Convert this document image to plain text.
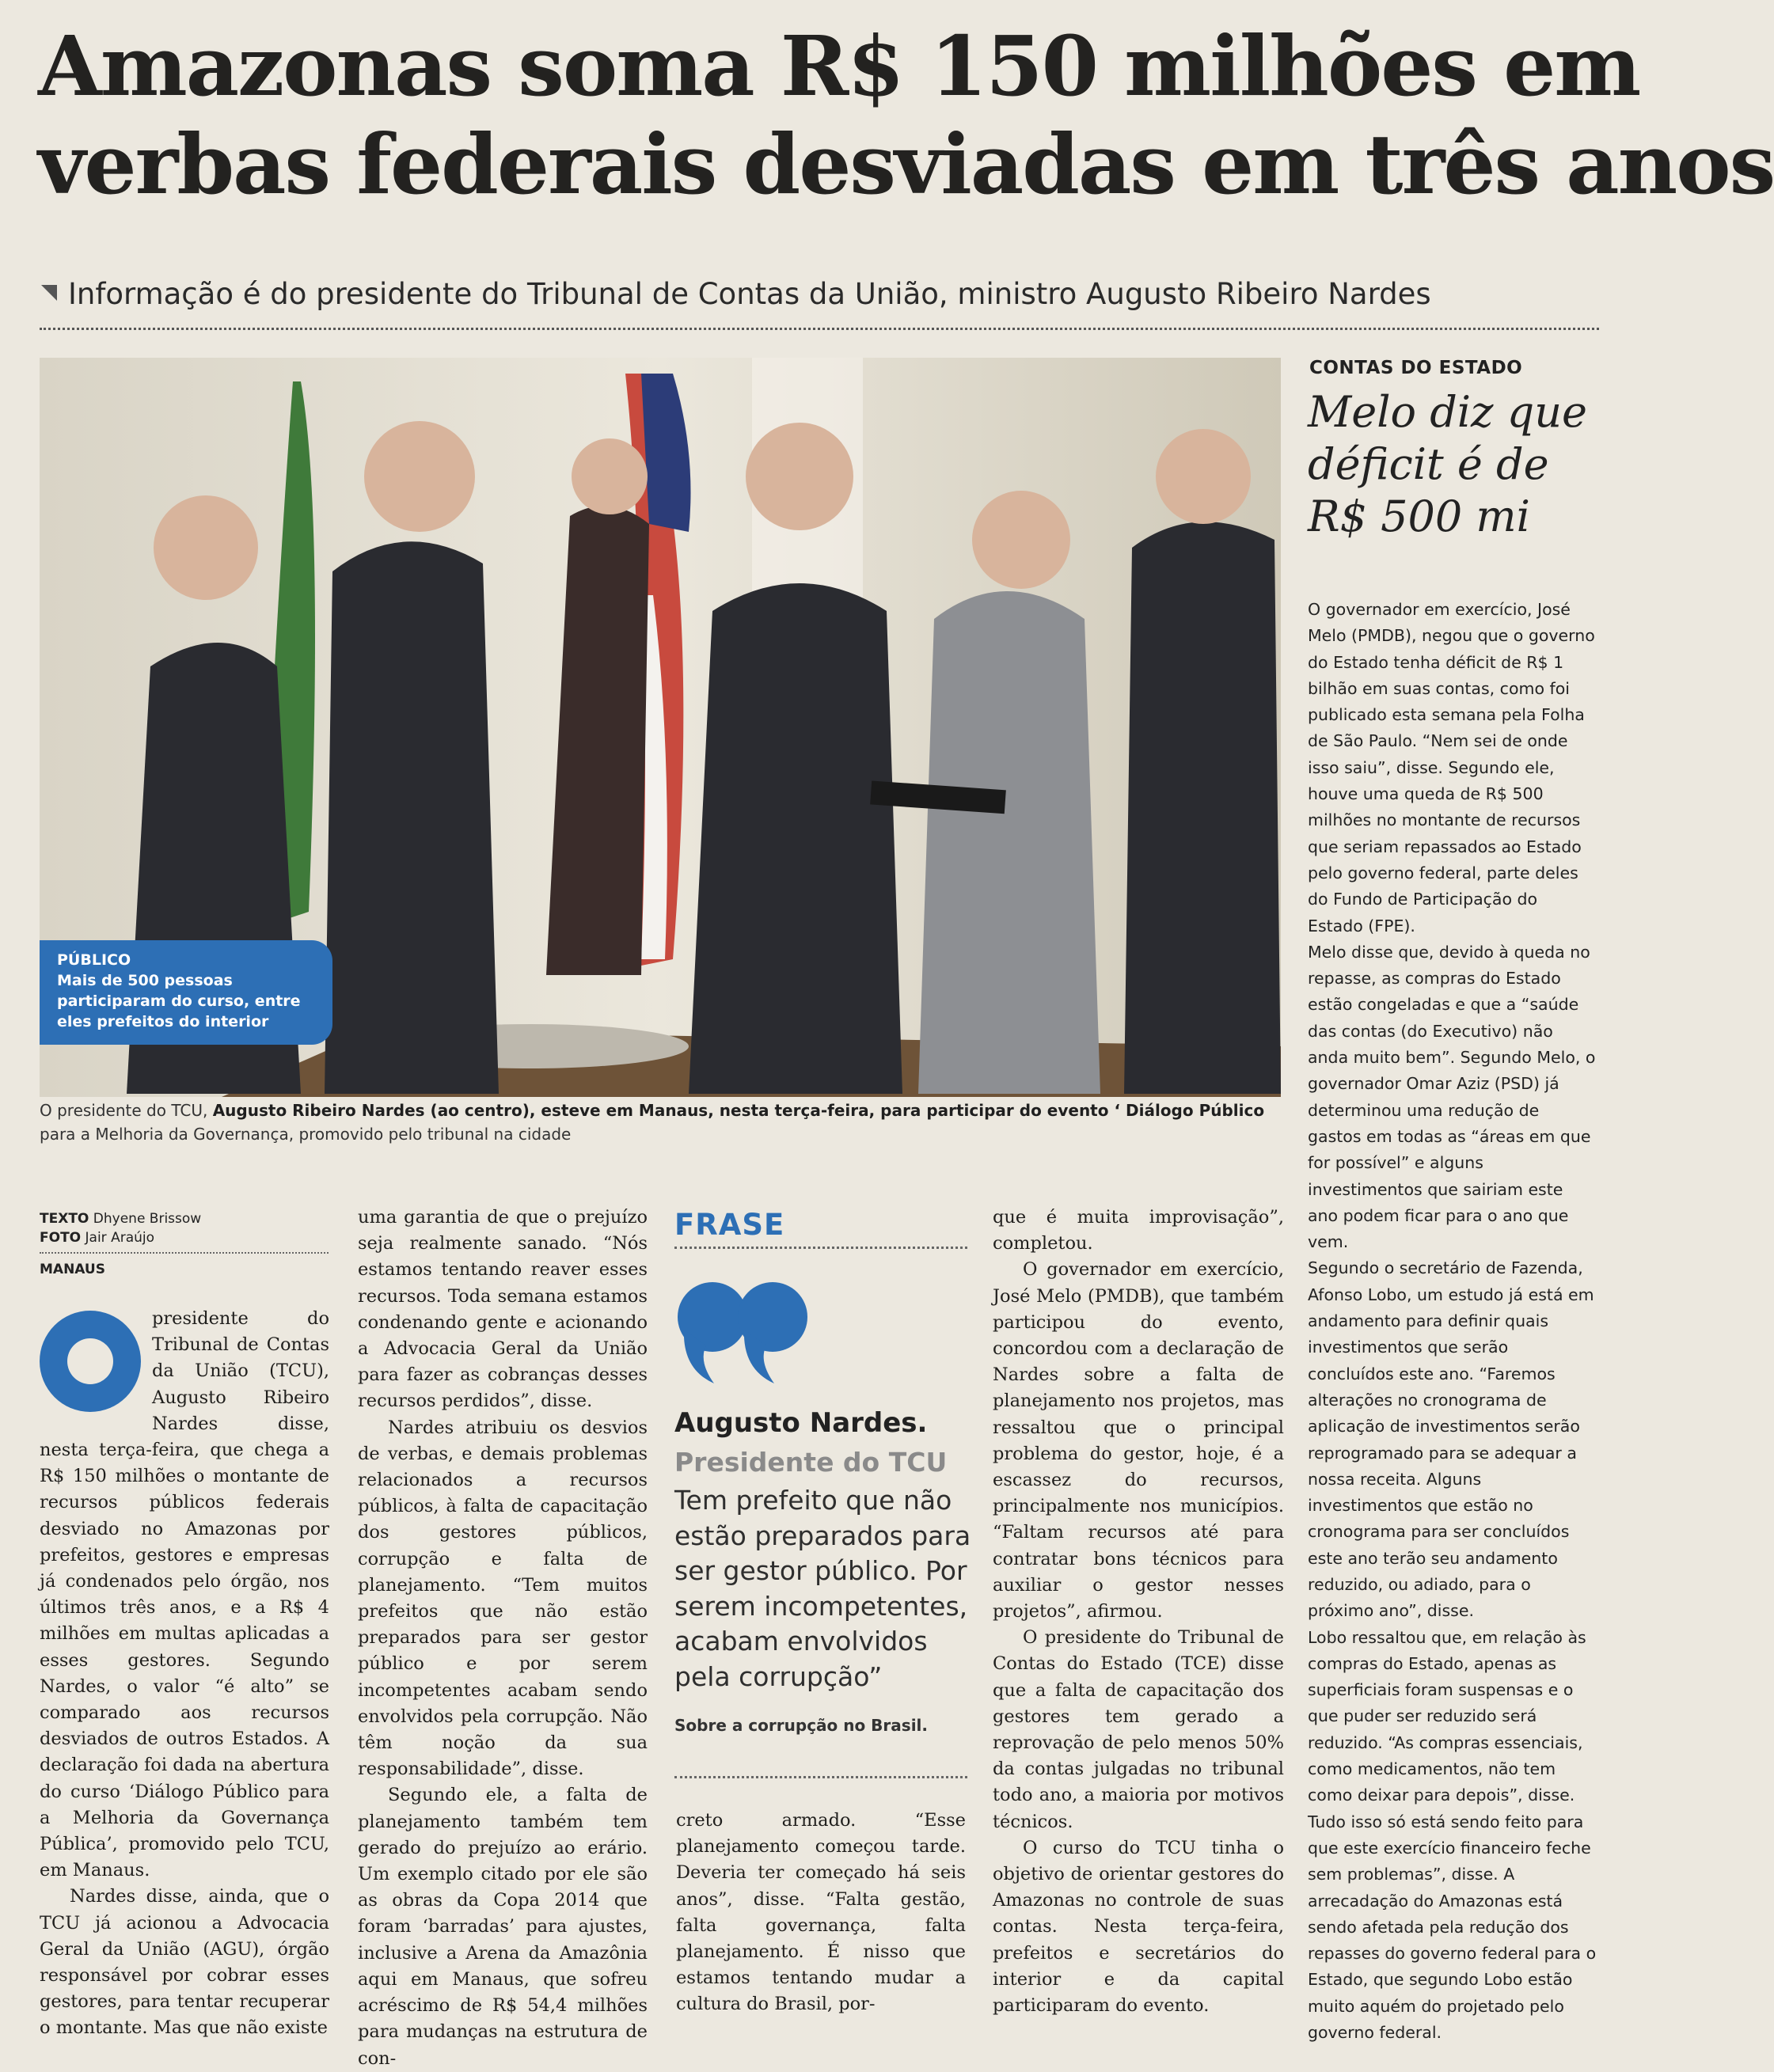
Amazonas soma R$ 150 milhões em
verbas federais desviadas em três anos
Informação é do presidente do Tribunal de Contas da União, ministro Augusto Ribeiro Nardes
PÚBLICO
Mais de 500 pessoas participaram do curso, entre eles prefeitos do interior
O presidente do TCU, Augusto Ribeiro Nardes (ao centro), esteve em Manaus, nesta terça-feira, para participar do evento ‘ Diálogo Público para a Melhoria da Governança, promovido pelo tribunal na cidade
CONTAS DO ESTADO
Melo diz que déficit é de R$ 500 mi

O governador em exercício, José Melo (PMDB), negou que o governo do Estado tenha déficit de R$ 1 bilhão em suas contas, como foi publicado esta semana pela Folha de São Paulo. “Nem sei de onde isso saiu”, disse. Segundo ele, houve uma queda de R$ 500 milhões no montante de recursos que seriam repassados ao Estado pelo governo federal, parte deles do Fundo de Participação do Estado (FPE).

Melo disse que, devido à queda no repasse, as compras do Estado estão congeladas e que a “saúde das contas (do Executivo) não anda muito bem”. Segundo Melo, o governador Omar Aziz (PSD) já determinou uma redução de gastos em todas as “áreas em que for possível” e alguns investimentos que sairiam este ano podem ficar para o ano que vem.

Segundo o secretário de Fazenda, Afonso Lobo, um estudo já está em andamento para definir quais investimentos que serão concluídos este ano. “Faremos alterações no cronograma de aplicação de investimentos serão reprogramado para se adequar a nossa receita. Alguns investimentos que estão no cronograma para ser concluídos este ano terão seu andamento reduzido, ou adiado, para o próximo ano”, disse.

Lobo ressaltou que, em relação às compras do Estado, apenas as superficiais foram suspensas e o que puder ser reduzido será reduzido. “As compras essenciais, como medicamentos, não tem como deixar para depois”, disse. Tudo isso só está sendo feito para que este exercício financeiro feche sem problemas”, disse. A arrecadação do Amazonas está sendo afetada pela redução dos repasses do governo federal para o Estado, que segundo Lobo estão muito aquém do projetado pelo governo federal.

TEXTO Dhyene Brissow
FOTO Jair Araújo
MANAUS

presidente do Tribunal de Contas da União (TCU), Augusto Ribeiro Nardes disse, nesta terça-feira, que chega a R$ 150 milhões o montante de recursos públicos federais desviado no Amazonas por prefeitos, gestores e empresas já condenados pelo órgão, nos últimos três anos, e a R$ 4 milhões em multas aplicadas a esses gestores. Segundo Nardes, o valor “é alto” se comparado aos recursos desviados de outros Estados. A declaração foi dada na abertura do curso ‘Diálogo Público para a Melhoria da Governança Pública’, promovido pelo TCU, em Manaus.

Nardes disse, ainda, que o TCU já acionou a Advocacia Geral da União (AGU), órgão responsável por cobrar esses gestores, para tentar recuperar o montante. Mas que não existe

uma garantia de que o prejuízo seja realmente sanado. “Nós estamos tentando reaver esses recursos. Toda semana estamos condenando gente e acionando a Advocacia Geral da União para fazer as cobranças desses recursos perdidos”, disse.

Nardes atribuiu os desvios de verbas, e demais problemas relacionados a recursos públicos, à falta de capacitação dos gestores públicos, corrupção e falta de planejamento. “Tem muitos prefeitos que não estão preparados para ser gestor público e por serem incompetentes acabam sendo envolvidos pela corrupção. Não têm noção da sua responsabilidade”, disse.

Segundo ele, a falta de planejamento também tem gerado do prejuízo ao erário. Um exemplo citado por ele são as obras da Copa 2014 que foram ‘barradas’ para ajustes, inclusive a Arena da Amazônia aqui em Manaus, que sofreu acréscimo de R$ 54,4 milhões para mudanças na estrutura de con-

FRASE
Augusto Nardes.
Presidente do TCU
Tem prefeito que não estão preparados para ser gestor público. Por serem incompetentes, acabam envolvidos pela corrupção”
Sobre a corrupção no Brasil.

creto armado. “Esse planejamento começou tarde. Deveria ter começado há seis anos”, disse. “Falta gestão, falta governança, falta planejamento. É nisso que estamos tentando mudar a cultura do Brasil, por-

que é muita improvisação”, completou.

O governador em exercício, José Melo (PMDB), que também participou do evento, concordou com a declaração de Nardes sobre a falta de planejamento nos projetos, mas ressaltou que o principal problema do gestor, hoje, é a escassez do recursos, principalmente nos municípios. “Faltam recursos até para contratar bons técnicos para auxiliar o gestor nesses projetos”, afirmou.

O presidente do Tribunal de Contas do Estado (TCE) disse que a falta de capacitação dos gestores tem gerado a reprovação de pelo menos 50% da contas julgadas no tribunal todo ano, a maioria por motivos técnicos.

O curso do TCU tinha o objetivo de orientar gestores do Amazonas no controle de suas contas. Nesta terça-feira, prefeitos e secretários do interior e da capital participaram do evento.
